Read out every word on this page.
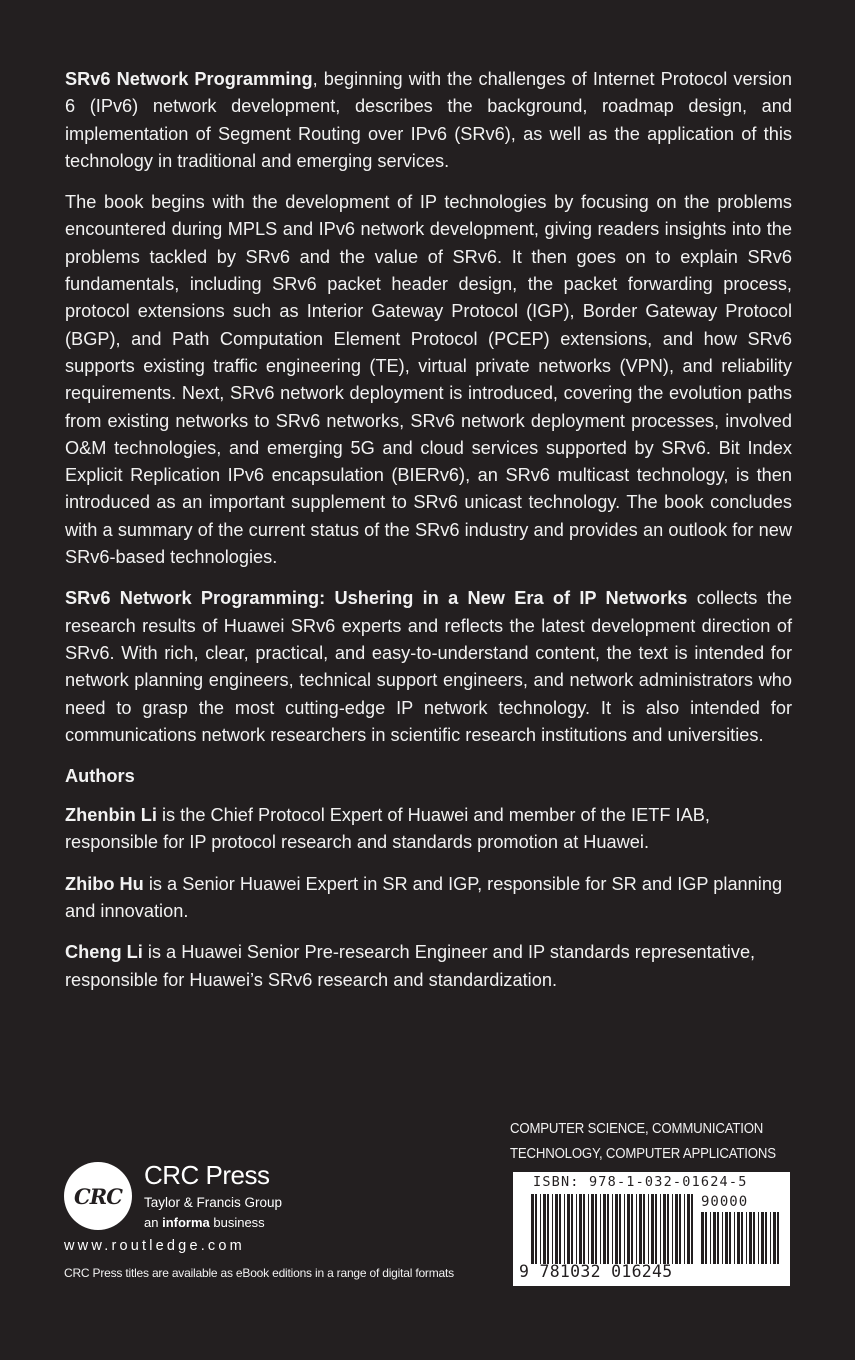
SRv6 Network Programming, beginning with the challenges of Internet Protocol version 6 (IPv6) network development, describes the background, roadmap design, and implementation of Segment Routing over IPv6 (SRv6), as well as the application of this technology in traditional and emerging services.

The book begins with the development of IP technologies by focusing on the problems encountered during MPLS and IPv6 network development, giving readers insights into the problems tackled by SRv6 and the value of SRv6. It then goes on to explain SRv6 fundamentals, including SRv6 packet header design, the packet forwarding process, protocol extensions such as Interior Gateway Protocol (IGP), Border Gateway Protocol (BGP), and Path Computation Element Protocol (PCEP) extensions, and how SRv6 supports existing traffic engineering (TE), virtual private networks (VPN), and reliability requirements. Next, SRv6 network deployment is introduced, covering the evolution paths from existing networks to SRv6 networks, SRv6 network deployment processes, involved O&M technologies, and emerging 5G and cloud services supported by SRv6. Bit Index Explicit Replication IPv6 encapsulation (BIERv6), an SRv6 multicast technology, is then introduced as an important supplement to SRv6 unicast technology. The book concludes with a summary of the current status of the SRv6 industry and provides an outlook for new SRv6-based technologies.

SRv6 Network Programming: Ushering in a New Era of IP Networks collects the research results of Huawei SRv6 experts and reflects the latest development direction of SRv6. With rich, clear, practical, and easy-to-understand content, the text is intended for network planning engineers, technical support engineers, and network administrators who need to grasp the most cutting-edge IP network technology. It is also intended for communications network researchers in scientific research institutions and universities.

Authors

Zhenbin Li is the Chief Protocol Expert of Huawei and member of the IETF IAB, responsible for IP protocol research and standards promotion at Huawei.

Zhibo Hu is a Senior Huawei Expert in SR and IGP, responsible for SR and IGP planning and innovation.

Cheng Li is a Huawei Senior Pre-research Engineer and IP standards representative, responsible for Huawei’s SRv6 research and standardization.

COMPUTER SCIENCE, COMMUNICATION
TECHNOLOGY, COMPUTER APPLICATIONS
CRC
CRC Press
Taylor & Francis Group
an informa business
www.routledge.com
CRC Press titles are available as eBook editions in a range of digital formats
ISBN: 978-1-032-01624-5
90000
9 781032 016245
